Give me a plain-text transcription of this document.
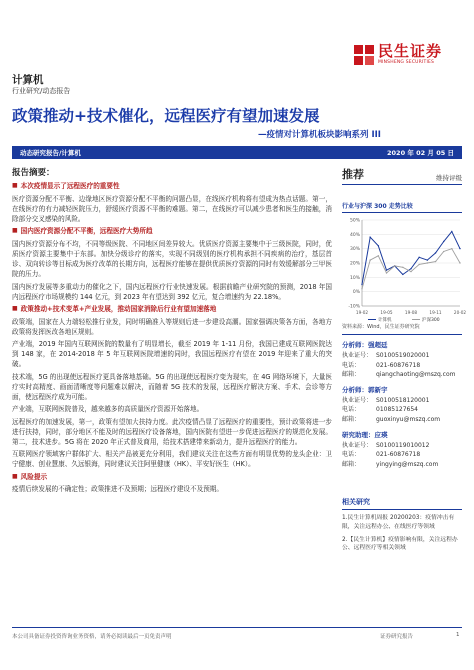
民生证券
MINSHENG SECURITIES
计算机
行业研究/动态报告
政策推动+技术催化，远程医疗有望加速发展
—疫情对计算机板块影响系列 III
动态研究报告/计算机	2020 年 02 月 05 日
报告摘要：
■ 本次疫情显示了远程医疗的重要性
医疗资源分配不平衡、边缘地区医疗资源分配不平衡的问题凸显，在线医疗机构将有望成为热点话题。第一，在线医疗的有力减轻医院压力，舒缓医疗资源不平衡的难题。第二，在线医疗可以减少患者和医生的接触，消除部分交叉感染的风险。
■ 国内医疗资源分配不平衡，远程医疗大势所趋
国内医疗资源分布不均，不同等级医院、不同地区间差异较大。优质医疗资源主要集中于三级医院，同时，优质医疗资源主要集中于东部。加快分级诊疗的落实，实现不同级别的医疗机构承担不同疾病的治疗，基层首诊、双向转诊等目标成为医疗改革的长期方向，远程医疗能够在提供优质医疗资源的同时有效缓解部分三甲医院的压力。
国内医疗发展等多重动力的催化之下，国内远程医疗行业快速发展。根据前瞻产业研究院的预测，2018 年国内远程医疗市场规模约 144 亿元，到 2023 年有望达到 392 亿元，复合增速约为 22.18%。
■ 政策推动+技术变革+产业发展，推动国家消除后行业有望加速落地
政策端，国家在人力端轻松推行业发，同时明确准入等规则后进一步建设高潮。国家强调决策各方面，各地方政策将发挥医改各地区规则。
产业端，2019 年国内互联网医院的数量有了明显增长，截至 2019 年 1-11 月份，我国已建成互联网医院达到 148 家，在 2014-2018 年 5 年互联网医院增速的同时，我国远程医疗有望在 2019 年迎来了重大的突破。
技术端，5G 的出现使远程医疗更具备落地基础。5G 的出现使远程医疗变为现实，在 4G 网络环境下，大量医疗实时高精度、画面清晰度等问题难以解决，而随着 5G 技术的发展，远程医疗解决方案、手术、会诊等方面，使远程医疗成为可能。
产业端，互联网医院普及，越来越多的高质量医疗资源开始落地。
远程医疗的加速发展，第一，政策有望加大扶持力度。此次疫情凸显了远程医疗的重要性，预计政策将进一步进行扶持，同时，部分地区不能及时的远程医疗设备落地，国内医院有望进一步促进远程医疗的规范化发展。第二，技术进步。5G 将在 2020 年正式普及商用，给技术搭建带来新动力，提升远程医疗的能力。
互联网医疗领域客户群体扩大、相关产品被更充分利用，我们建议关注在这些方面有明显优势的龙头企业：卫宁健康、创业慧康、久远银海，同时建议关注阿里健康（HK）、平安好医生（HK）。
■ 风险提示
疫情后续发展的不确定性；政策推进不及预期；远程医疗建设不及预期。
推荐	维持评级
行业与沪深 300 走势比较
50%
40%
30%
20%
10%
0%
-10%
19-02	19-05	19-08	19-11	20-02
计算机	沪深300
资料来源：Wind，民生证券研究院
分析师：强超廷
执业证号： S0100519020001
电话：	021-60876718
邮箱：	qiangchaoting@mszq.com
分析师：郭新宇
执业证号： S0100518120001
电话：	01085127654
邮箱：	guoxinyu@mszq.com
研究助理：应瑛
执业证号： S0100119010012
电话：	021-60876718
邮箱：	yingying@mszq.com
相关研究
1.民生计算机周报 20200203：疫情冲击有限，关注远程办公、在线医疗等领域
2.【民生计算机】疫情影响有限，关注远程办公、远程医疗等相关领域
本公司具备证券投资咨询业务资格，请务必阅读最后一页免责声明	证券研究报告	1
